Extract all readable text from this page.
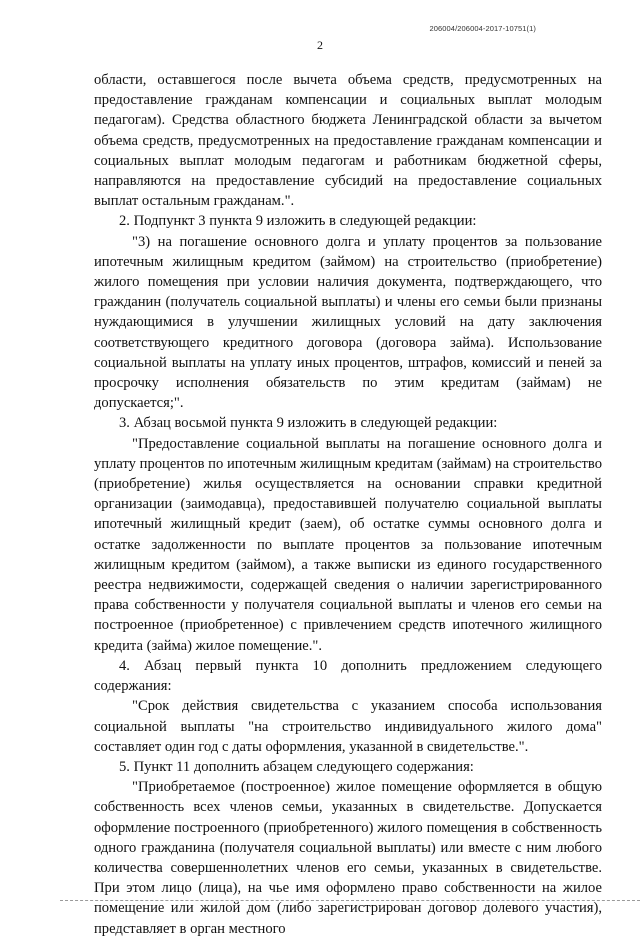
206004/206004-2017-10751(1)
2

области, оставшегося после вычета объема средств, предусмотренных на предоставление гражданам компенсации и социальных выплат молодым педагогам). Средства областного бюджета Ленинградской области за вычетом объема средств, предусмотренных на предоставление гражданам компенсации и социальных выплат молодым педагогам и работникам бюджетной сферы, направляются на предоставление субсидий на предоставление социальных выплат остальным гражданам.".

2. Подпункт 3 пункта 9 изложить в следующей редакции:

"3) на погашение основного долга и уплату процентов за пользование ипотечным жилищным кредитом (займом) на строительство (приобретение) жилого помещения при условии наличия документа, подтверждающего, что гражданин (получатель социальной выплаты) и члены его семьи были признаны нуждающимися в улучшении жилищных условий на дату заключения соответствующего кредитного договора (договора займа). Использование социальной выплаты на уплату иных процентов, штрафов, комиссий и пеней за просрочку исполнения обязательств по этим кредитам (займам) не допускается;".

3. Абзац восьмой пункта 9 изложить в следующей редакции:

"Предоставление социальной выплаты на погашение основного долга и уплату процентов по ипотечным жилищным кредитам (займам) на строительство (приобретение) жилья осуществляется на основании справки кредитной организации (заимодавца), предоставившей получателю социальной выплаты ипотечный жилищный кредит (заем), об остатке суммы основного долга и остатке задолженности по выплате процентов за пользование ипотечным жилищным кредитом (займом), а также выписки из единого государственного реестра недвижимости, содержащей сведения о наличии зарегистрированного права собственности у получателя социальной выплаты и членов его семьи на построенное (приобретенное) с привлечением средств ипотечного жилищного кредита (займа) жилое помещение.".

4. Абзац первый пункта 10 дополнить предложением следующего содержания:

"Срок действия свидетельства с указанием способа использования социальной выплаты "на строительство индивидуального жилого дома" составляет один год с даты оформления, указанной в свидетельстве.".

5. Пункт 11 дополнить абзацем следующего содержания:

"Приобретаемое (построенное) жилое помещение оформляется в общую собственность всех членов семьи, указанных в свидетельстве. Допускается оформление построенного (приобретенного) жилого помещения в собственность одного гражданина (получателя социальной выплаты) или вместе с ним любого количества совершеннолетних членов его семьи, указанных в свидетельстве. При этом лицо (лица), на чье имя оформлено право собственности на жилое помещение или жилой дом (либо зарегистрирован договор долевого участия), представляет в орган местного
